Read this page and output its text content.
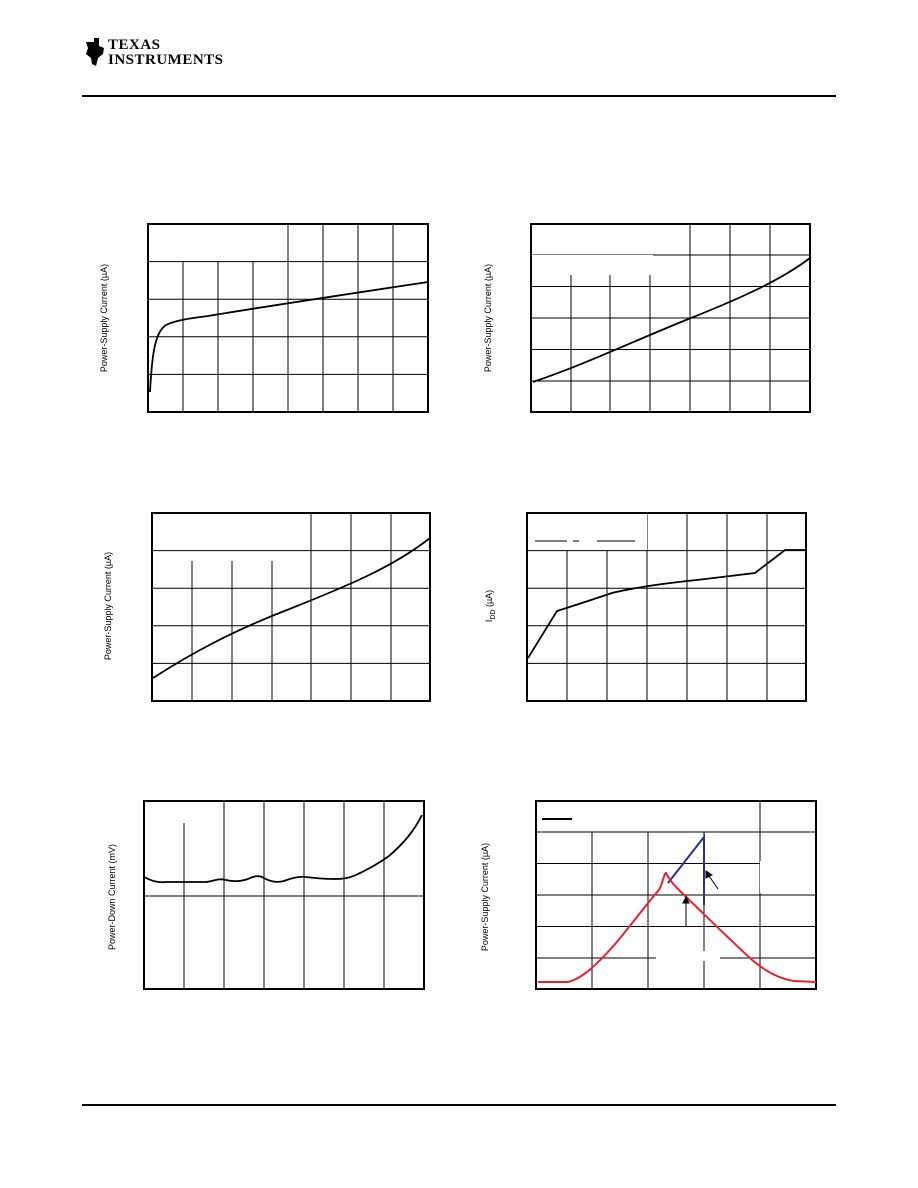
TEXAS
INSTRUMENTS
Power-Supply Current (µA)	Power-Supply Current (µA)
Power-Supply Current (µA)	$I_{DD}$ (µA)
Power-Down Current (mV)	Power-Supply Current (µA)
